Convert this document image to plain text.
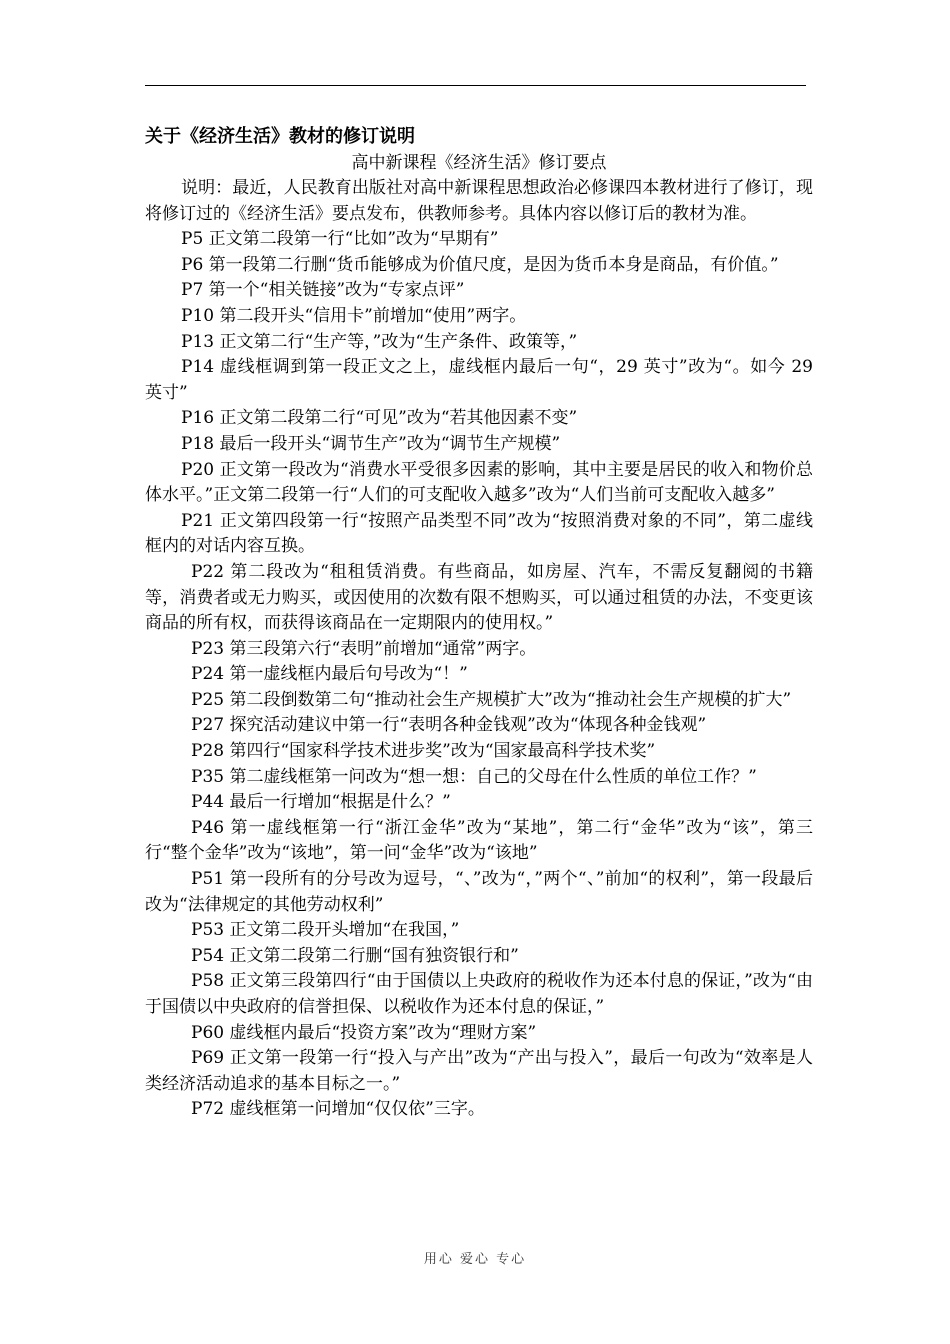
关于《经济生活》教材的修订说明
高中新课程《经济生活》修订要点

说明：最近，人民教育出版社对高中新课程思想政治必修课四本教材进行了修订，现将修订过的《经济生活》要点发布，供教师参考。具体内容以修订后的教材为准。

P5 正文第二段第一行“比如”改为“早期有”

P6 第一段第二行删“货币能够成为价值尺度，是因为货币本身是商品，有价值。”

P7 第一个“相关链接”改为“专家点评”

P10 第二段开头“信用卡”前增加“使用”两字。

P13 正文第二行“生产等，”改为“生产条件、政策等，”

P14 虚线框调到第一段正文之上，虚线框内最后一句“，29 英寸”改为“。如今 29 英寸”

P16 正文第二段第二行“可见”改为“若其他因素不变”

P18 最后一段开头“调节生产”改为“调节生产规模”

P20 正文第一段改为“消费水平受很多因素的影响，其中主要是居民的收入和物价总体水平。”正文第二段第一行“人们的可支配收入越多”改为“人们当前可支配收入越多”

P21 正文第四段第一行“按照产品类型不同”改为“按照消费对象的不同”，第二虚线框内的对话内容互换。

P22 第二段改为“租租赁消费。有些商品，如房屋、汽车，不需反复翻阅的书籍等，消费者或无力购买，或因使用的次数有限不想购买，可以通过租赁的办法，不变更该商品的所有权，而获得该商品在一定期限内的使用权。”

P23 第三段第六行“表明”前增加“通常”两字。

P24 第一虚线框内最后句号改为“！”

P25 第二段倒数第二句“推动社会生产规模扩大”改为“推动社会生产规模的扩大”

P27 探究活动建议中第一行“表明各种金钱观”改为“体现各种金钱观”

P28 第四行“国家科学技术进步奖”改为“国家最高科学技术奖”

P35 第二虚线框第一问改为“想一想：自己的父母在什么性质的单位工作？”

P44 最后一行增加“根据是什么？”

P46 第一虚线框第一行“浙江金华”改为“某地”，第二行“金华”改为“该”，第三行“整个金华”改为“该地”，第一问“金华”改为“该地”

P51 第一段所有的分号改为逗号，“、”改为“，”两个“、”前加“的权利”，第一段最后改为“法律规定的其他劳动权利”

P53 正文第二段开头增加“在我国，”

P54 正文第二段第二行删“国有独资银行和”

P58 正文第三段第四行“由于国债以上央政府的税收作为还本付息的保证，”改为“由于国债以中央政府的信誉担保、以税收作为还本付息的保证，”

P60 虚线框内最后“投资方案”改为“理财方案”

P69 正文第一段第一行“投入与产出”改为“产出与投入”，最后一句改为“效率是人类经济活动追求的基本目标之一。”

P72 虚线框第一问增加“仅仅依”三字。

用心 爱心 专心
